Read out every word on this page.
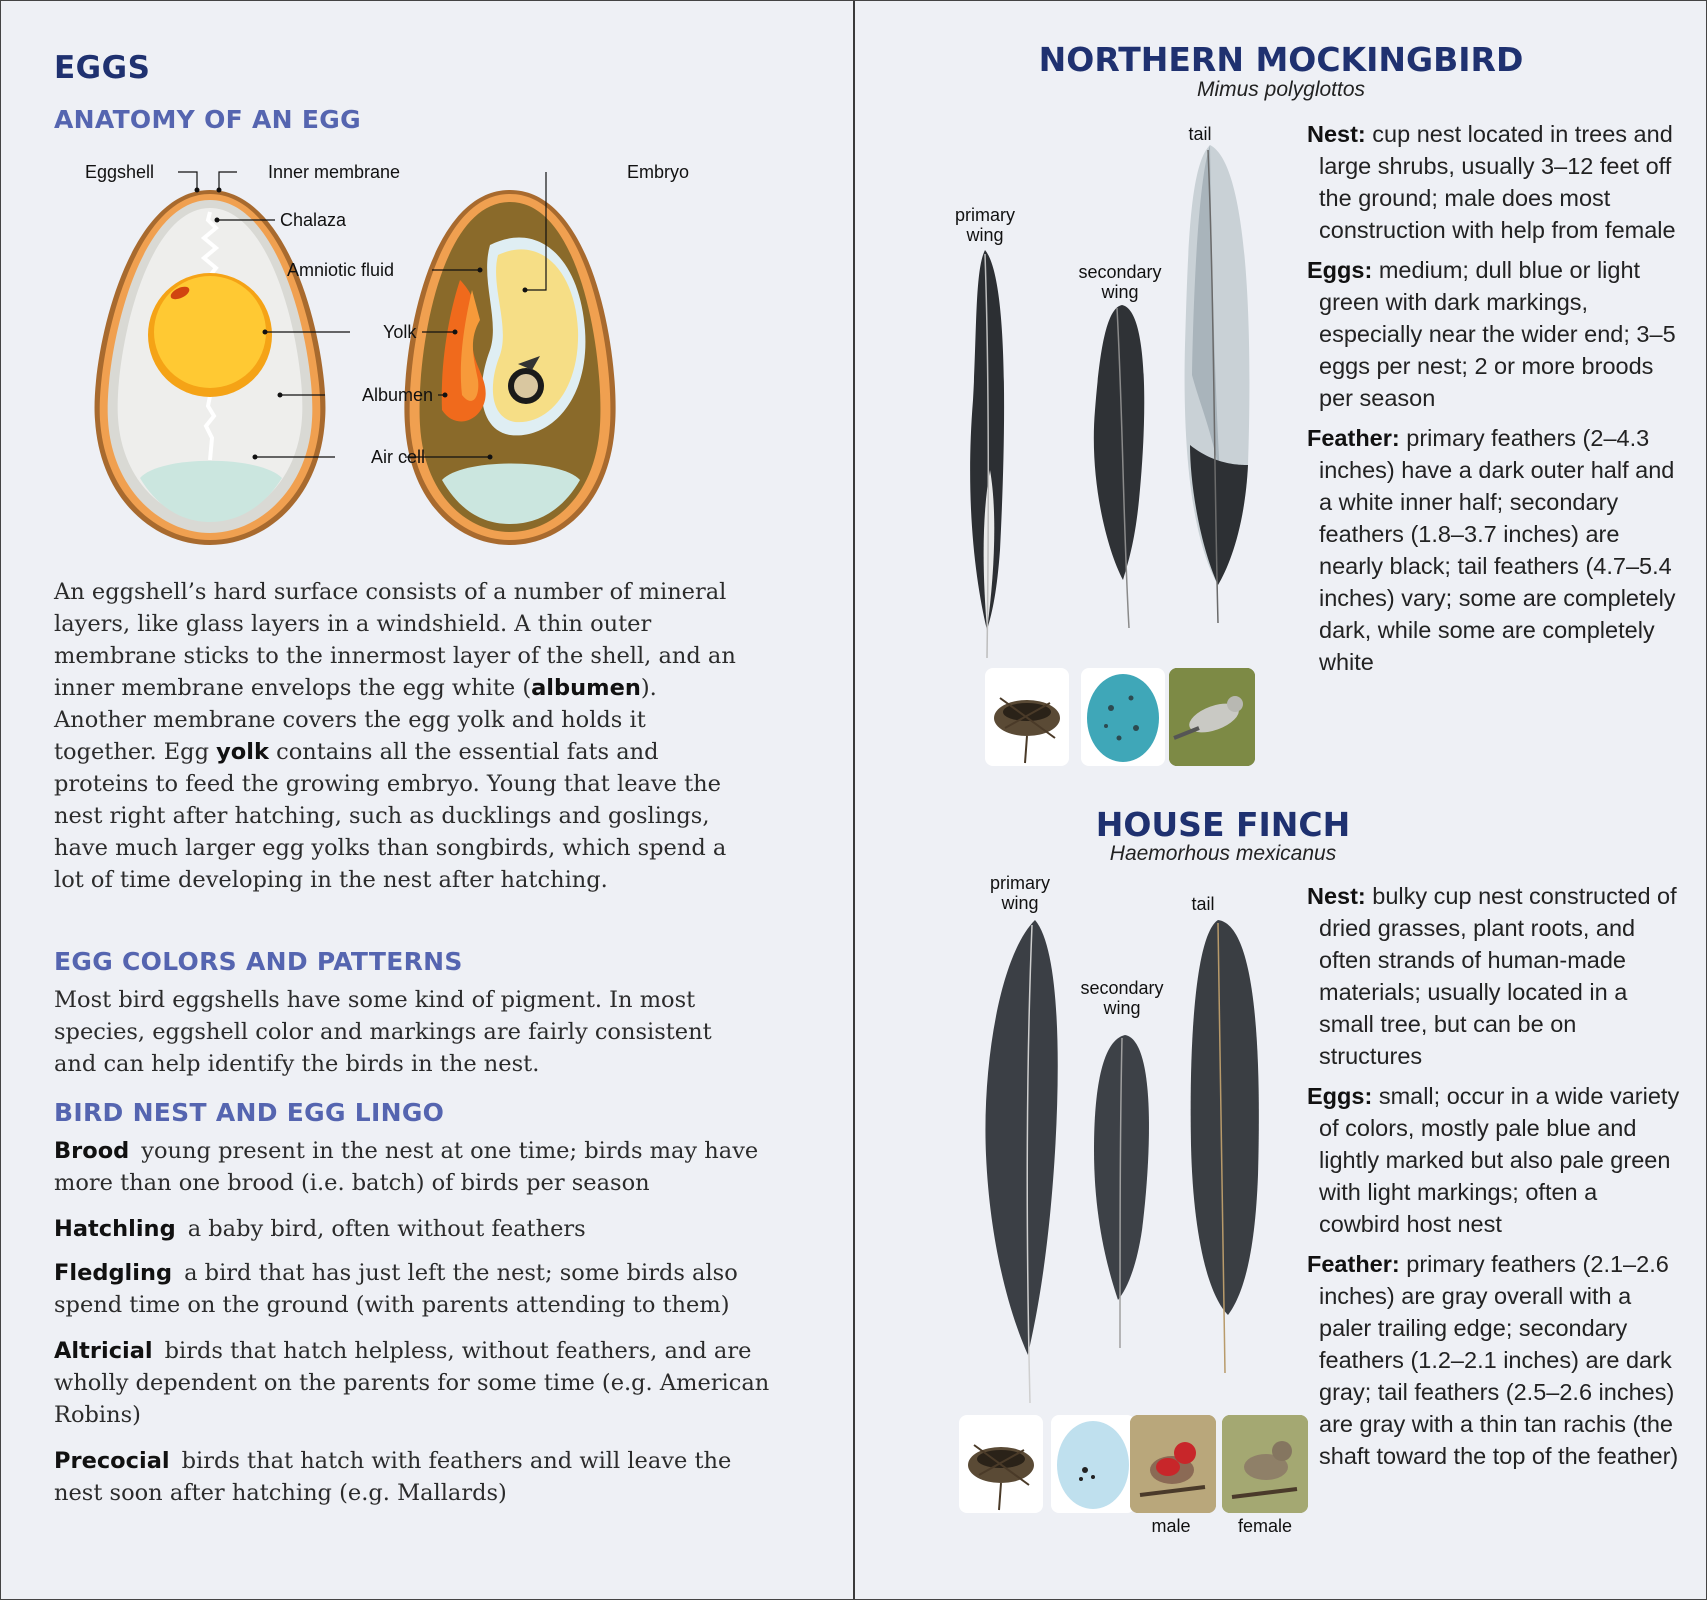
EGGS
ANATOMY OF AN EGG
Eggshell	Inner membrane	Embryo
Chalaza
Amniotic fluid
Yolk
Albumen
Air cell

An eggshell’s hard surface consists of a number of mineral layers, like glass layers in a windshield. A thin outer membrane sticks to the innermost layer of the shell, and an inner membrane envelops the egg white (albumen). Another membrane covers the egg yolk and holds it together. Egg yolk contains all the essential fats and proteins to feed the growing embryo. Young that leave the nest right after hatching, such as ducklings and goslings, have much larger egg yolks than songbirds, which spend a lot of time developing in the nest after hatching.

EGG COLORS AND PATTERNS

Most bird eggshells have some kind of pigment. In most species, eggshell color and markings are fairly consistent and can help identify the birds in the nest.

BIRD NEST AND EGG LINGO

Brood young present in the nest at one time; birds may have more than one brood (i.e. batch) of birds per season

Hatchling a baby bird, often without feathers

Fledgling a bird that has just left the nest; some birds also spend time on the ground (with parents attending to them)

Altricial birds that hatch helpless, without feathers, and are wholly dependent on the parents for some time (e.g. American Robins)

Precocial birds that hatch with feathers and will leave the nest soon after hatching (e.g. Mallards)

NORTHERN MOCKINGBIRD

Mimus polyglottos

primary
wing

secondary
wing

tail	Nest: cup nest located in trees and large shrubs, usually 3–12 feet off the ground; male does most construction with help from female

Eggs: medium; dull blue or light green with dark markings, especially near the wider end; 3–5 eggs per nest; 2 or more broods per season

Feather: primary feathers (2–4.3 inches) have a dark outer half and a white inner half; secondary feathers (1.8–3.7 inches) are nearly black; tail feathers (4.7–5.4 inches) vary; some are completely dark, while some are completely white

HOUSE FINCH

Haemorhous mexicanus

primary
wing

secondary
wing

tail

male	female

Nest: bulky cup nest constructed of dried grasses, plant roots, and often strands of human-made materials; usually located in a small tree, but can be on structures

Eggs: small; occur in a wide variety of colors, mostly pale blue and lightly marked but also pale green with light markings; often a cowbird host nest

Feather: primary feathers (2.1–2.6 inches) are gray overall with a paler trailing edge; secondary feathers (1.2–2.1 inches) are dark gray; tail feathers (2.5–2.6 inches) are gray with a thin tan rachis (the shaft toward the top of the feather)
